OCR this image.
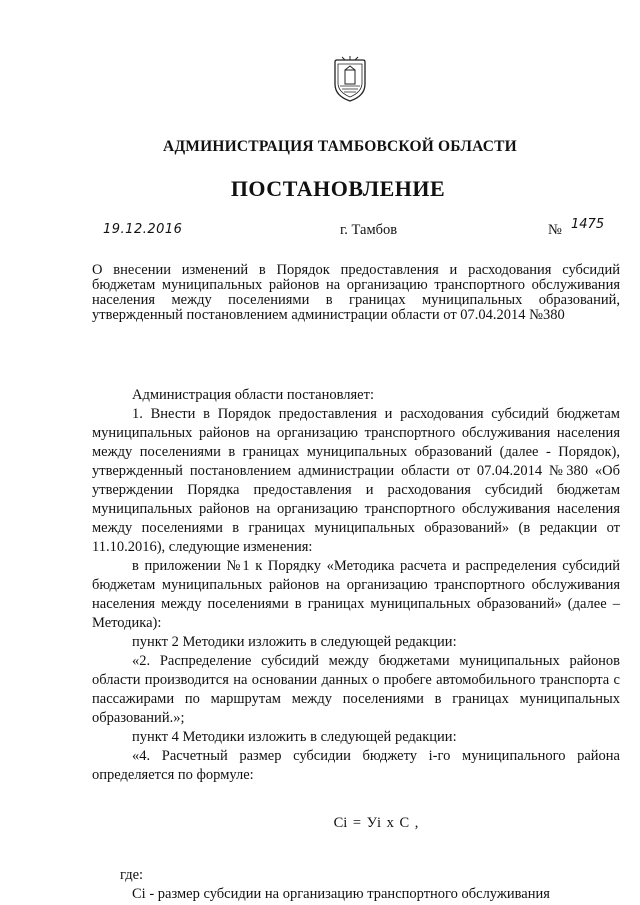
АДМИНИСТРАЦИЯ ТАМБОВСКОЙ ОБЛАСТИ
ПОСТАНОВЛЕНИЕ
19.12.2016	г. Тамбов	№ 1475
О внесении изменений в Порядок предоставления и расходования субсидий бюджетам муниципальных районов на организацию транспортного обслуживания населения между поселениями в границах муниципальных образований, утвержденный постановлением администрации области от 07.04.2014 №380

Администрация области постановляет:

1. Внести в Порядок предоставления и расходования субсидий бюджетам муниципальных районов на организацию транспортного обслуживания населения между поселениями в границах муниципальных образований (далее - Порядок), утвержденный постановлением администрации области от 07.04.2014 №380 «Об утверждении Порядка предоставления и расходования субсидий бюджетам муниципальных районов на организацию транспортного обслуживания населения между поселениями в границах муниципальных образований» (в редакции от 11.10.2016), следующие изменения:

в приложении №1 к Порядку «Методика расчета и распределения субсидий бюджетам муниципальных районов на организацию транспортного обслуживания населения между поселениями в границах муниципальных образований» (далее – Методика):

пункт 2 Методики изложить в следующей редакции:

«2. Распределение субсидий между бюджетами муниципальных районов области производится на основании данных о пробеге автомобильного транспорта с пассажирами по маршрутам между поселениями в границах муниципальных образований.»;

пункт 4 Методики изложить в следующей редакции:

«4. Расчетный размер субсидии бюджету i-го муниципального района определяется по формуле:

Ci = Уi x C ,

где:

Ci - размер субсидии на организацию транспортного обслуживания
